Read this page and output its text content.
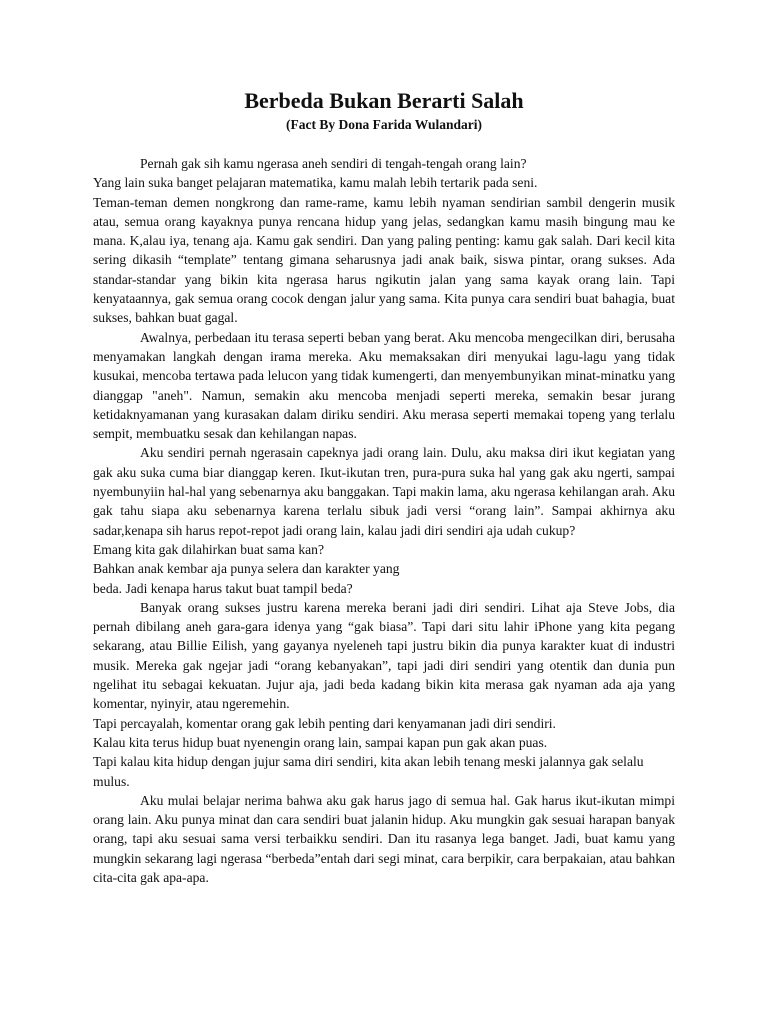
Berbeda Bukan Berarti Salah
(Fact By Dona Farida Wulandari)

Pernah gak sih kamu ngerasa aneh sendiri di tengah-tengah orang lain?

Yang lain suka banget pelajaran matematika, kamu malah lebih tertarik pada seni.

Teman-teman demen nongkrong dan rame-rame, kamu lebih nyaman sendirian sambil dengerin musik atau, semua orang kayaknya punya rencana hidup yang jelas, sedangkan kamu masih bingung mau ke mana. K,alau iya, tenang aja. Kamu gak sendiri. Dan yang paling penting: kamu gak salah. Dari kecil kita sering dikasih “template” tentang gimana seharusnya jadi anak baik, siswa pintar, orang sukses. Ada standar-standar yang bikin kita ngerasa harus ngikutin jalan yang sama kayak orang lain. Tapi kenyataannya, gak semua orang cocok dengan jalur yang sama. Kita punya cara sendiri buat bahagia, buat sukses, bahkan buat gagal.

Awalnya, perbedaan itu terasa seperti beban yang berat. Aku mencoba mengecilkan diri, berusaha menyamakan langkah dengan irama mereka. Aku memaksakan diri menyukai lagu-lagu yang tidak kusukai, mencoba tertawa pada lelucon yang tidak kumengerti, dan menyembunyikan minat-minatku yang dianggap "aneh". Namun, semakin aku mencoba menjadi seperti mereka, semakin besar jurang ketidaknyamanan yang kurasakan dalam diriku sendiri. Aku merasa seperti memakai topeng yang terlalu sempit, membuatku sesak dan kehilangan napas.

Aku sendiri pernah ngerasain capeknya jadi orang lain. Dulu, aku maksa diri ikut kegiatan yang gak aku suka cuma biar dianggap keren. Ikut-ikutan tren, pura-pura suka hal yang gak aku ngerti, sampai nyembunyiin hal-hal yang sebenarnya aku banggakan. Tapi makin lama, aku ngerasa kehilangan arah. Aku gak tahu siapa aku sebenarnya karena terlalu sibuk jadi versi “orang lain”. Sampai akhirnya aku sadar,kenapa sih harus repot-repot jadi orang lain, kalau jadi diri sendiri aja udah cukup?

Emang kita gak dilahirkan buat sama kan?

Bahkan anak kembar aja punya selera dan karakter yang

beda. Jadi kenapa harus takut buat tampil beda?

Banyak orang sukses justru karena mereka berani jadi diri sendiri. Lihat aja Steve Jobs, dia pernah dibilang aneh gara-gara idenya yang “gak biasa”. Tapi dari situ lahir iPhone yang kita pegang sekarang, atau Billie Eilish, yang gayanya nyeleneh tapi justru bikin dia punya karakter kuat di industri musik. Mereka gak ngejar jadi “orang kebanyakan”, tapi jadi diri sendiri yang otentik dan dunia pun ngelihat itu sebagai kekuatan. Jujur aja, jadi beda kadang bikin kita merasa gak nyaman ada aja yang komentar, nyinyir, atau ngeremehin.

Tapi percayalah, komentar orang gak lebih penting dari kenyamanan jadi diri sendiri.

Kalau kita terus hidup buat nyenengin orang lain, sampai kapan pun gak akan puas.

Tapi kalau kita hidup dengan jujur sama diri sendiri, kita akan lebih tenang meski jalannya gak selalu mulus.

Aku mulai belajar nerima bahwa aku gak harus jago di semua hal. Gak harus ikut-ikutan mimpi orang lain. Aku punya minat dan cara sendiri buat jalanin hidup. Aku mungkin gak sesuai harapan banyak orang, tapi aku sesuai sama versi terbaikku sendiri. Dan itu rasanya lega banget. Jadi, buat kamu yang mungkin sekarang lagi ngerasa “berbeda”entah dari segi minat, cara berpikir, cara berpakaian, atau bahkan cita-cita gak apa-apa.
